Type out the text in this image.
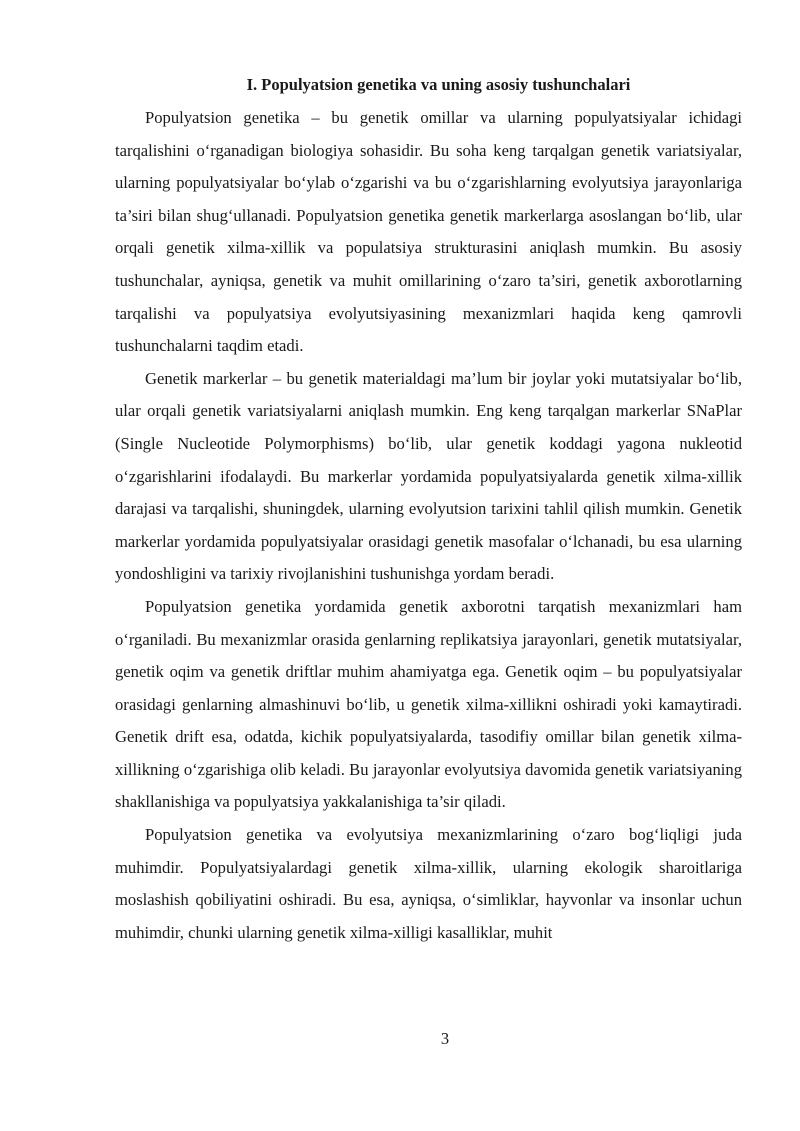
I. Populyatsion genetika va uning asosiy tushunchalari

Populyatsion genetika – bu genetik omillar va ularning populyatsiyalar ichidagi tarqalishini o‘rganadigan biologiya sohasidir. Bu soha keng tarqalgan genetik variatsiyalar, ularning populyatsiyalar bo‘ylab o‘zgarishi va bu o‘zgarishlarning evolyutsiya jarayonlariga ta’siri bilan shug‘ullanadi. Populyatsion genetika genetik markerlarga asoslangan bo‘lib, ular orqali genetik xilma-xillik va populatsiya strukturasini aniqlash mumkin. Bu asosiy tushunchalar, ayniqsa, genetik va muhit omillarining o‘zaro ta’siri, genetik axborotlarning tarqalishi va populyatsiya evolyutsiyasining mexanizmlari haqida keng qamrovli tushunchalarni taqdim etadi.

Genetik markerlar – bu genetik materialdagi ma’lum bir joylar yoki mutatsiyalar bo‘lib, ular orqali genetik variatsiyalarni aniqlash mumkin. Eng keng tarqalgan markerlar SNaPlar (Single Nucleotide Polymorphisms) bo‘lib, ular genetik koddagi yagona nukleotid o‘zgarishlarini ifodalaydi. Bu markerlar yordamida populyatsiyalarda genetik xilma-xillik darajasi va tarqalishi, shuningdek, ularning evolyutsion tarixini tahlil qilish mumkin. Genetik markerlar yordamida populyatsiyalar orasidagi genetik masofalar o‘lchanadi, bu esa ularning yondoshligini va tarixiy rivojlanishini tushunishga yordam beradi.

Populyatsion genetika yordamida genetik axborotni tarqatish mexanizmlari ham o‘rganiladi. Bu mexanizmlar orasida genlarning replikatsiya jarayonlari, genetik mutatsiyalar, genetik oqim va genetik driftlar muhim ahamiyatga ega. Genetik oqim – bu populyatsiyalar orasidagi genlarning almashinuvi bo‘lib, u genetik xilma-xillikni oshiradi yoki kamaytiradi. Genetik drift esa, odatda, kichik populyatsiyalarda, tasodifiy omillar bilan genetik xilma-xillikning o‘zgarishiga olib keladi. Bu jarayonlar evolyutsiya davomida genetik variatsiyaning shakllanishiga va populyatsiya yakkalanishiga ta’sir qiladi.

Populyatsion genetika va evolyutsiya mexanizmlarining o‘zaro bog‘liqligi juda muhimdir. Populyatsiyalardagi genetik xilma-xillik, ularning ekologik sharoitlariga moslashish qobiliyatini oshiradi. Bu esa, ayniqsa, o‘simliklar, hayvonlar va insonlar uchun muhimdir, chunki ularning genetik xilma-xilligi kasalliklar, muhit

3
